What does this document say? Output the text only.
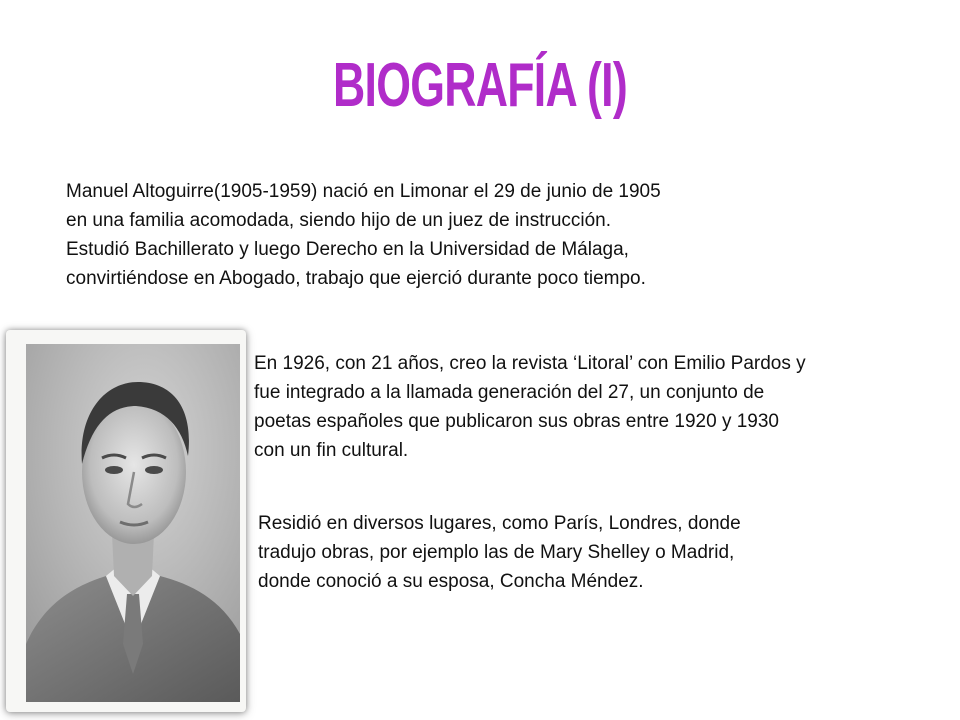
BIOGRAFÍA (I)

Manuel Altoguirre(1905-1959) nació en Limonar el 29 de junio de 1905
en una familia acomodada, siendo hijo de un juez de instrucción.
Estudió Bachillerato y luego Derecho en la Universidad de Málaga,
convirtiéndose en Abogado, trabajo que ejerció durante poco tiempo.

En 1926, con 21 años, creo la revista ‘Litoral’ con Emilio Pardos y
fue integrado a la llamada generación del 27, un conjunto de
poetas españoles que publicaron sus obras entre 1920 y 1930
con un fin cultural.

Residió en diversos lugares, como París, Londres, donde
tradujo obras, por ejemplo las de Mary Shelley o Madrid,
donde conoció a su esposa, Concha Méndez.
